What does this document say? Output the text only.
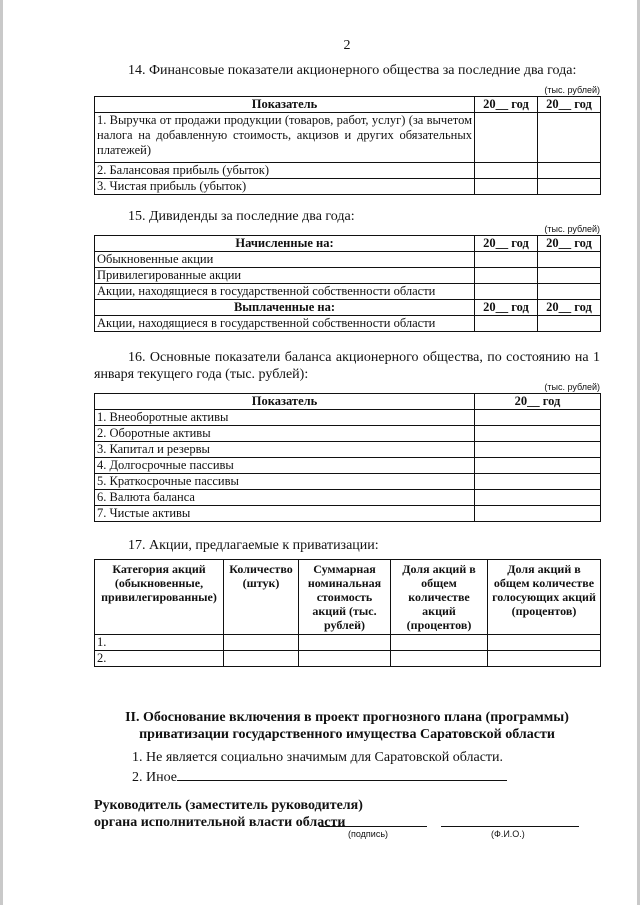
2
14. Финансовые показатели акционерного общества за последние два года:
(тыс. рублей)
Показатель	20__ год	20__ год
1. Выручка от продажи продукции (товаров, работ, услуг) (за вычетом налога на добавленную стоимость, акцизов и других обязательных платежей)		
2. Балансовая прибыль (убыток)		
3. Чистая прибыль (убыток)		
15. Дивиденды за последние два года:
(тыс. рублей)
Начисленные на:	20__ год	20__ год
Обыкновенные акции		
Привилегированные акции		
Акции, находящиеся в государственной собственности области		
Выплаченные на:	20__ год	20__ год
Акции, находящиеся в государственной собственности области		
16. Основные показатели баланса акционерного общества, по состоянию на 1 января текущего года (тыс. рублей):
(тыс. рублей)
Показатель	20__ год
1. Внеоборотные активы	
2. Оборотные активы	
3. Капитал и резервы	
4. Долгосрочные пассивы	
5. Краткосрочные пассивы	
6. Валюта баланса	
7. Чистые активы	
17. Акции, предлагаемые к приватизации:
Категория акций (обыкновенные, привилегированные)	Количество (штук)	Суммарная номинальная стоимость акций (тыс. рублей)	Доля акций в общем количестве акций (процентов)	Доля акций в общем количестве голосующих акций (процентов)
1.				
2.				
II. Обоснование включения в проект прогнозного плана (программы) приватизации государственного имущества Саратовской области
1. Не является социально значимым для Саратовской области.
2. Иное
Руководитель (заместитель руководителя)
органа исполнительной власти области
(подпись)	(Ф.И.О.)
